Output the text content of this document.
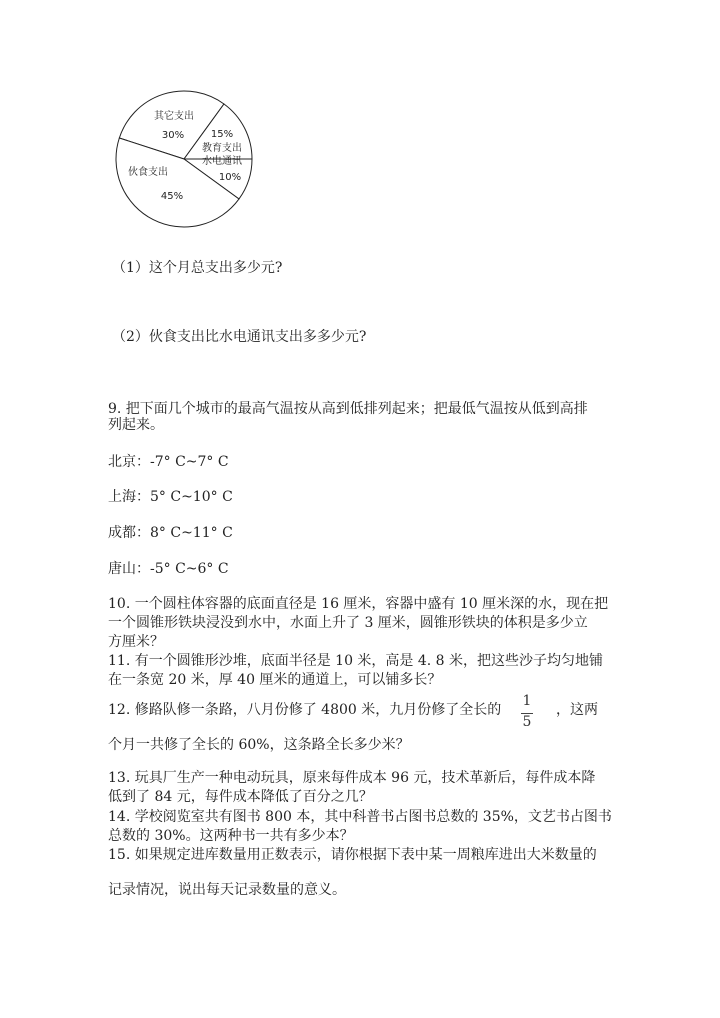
其它支出
30%	15%
教育支出
水电通讯
10%
伙食支出
45%
（1）这个月总支出多少元?
（2）伙食支出比水电通讯支出多多少元?
9. 把下面几个城市的最高气温按从高到低排列起来；把最低气温按从低到高排
列起来。
北京：-7° C~7° C
上海：5° C~10° C
成都：8° C~11° C
唐山：-5° C~6° C
10. 一个圆柱体容器的底面直径是 16 厘米，容器中盛有 10 厘米深的水，现在把
一个圆锥形铁块浸没到水中，水面上升了 3 厘米，圆锥形铁块的体积是多少立
方厘米？
11. 有一个圆锥形沙堆，底面半径是 10 米，高是 4. 8 米，把这些沙子均匀地铺
在一条宽 20 米，厚 40 厘米的通道上，可以铺多长？
12. 修路队修一条路，八月份修了 4800 米，九月份修了全长的
1
5
，这两
个月一共修了全长的 60%，这条路全长多少米？
13. 玩具厂生产一种电动玩具，原来每件成本 96 元，技术革新后，每件成本降
低到了 84 元，每件成本降低了百分之几？
14. 学校阅览室共有图书 800 本，其中科普书占图书总数的 35%，文艺书占图书
总数的 30%。这两种书一共有多少本？
15. 如果规定进库数量用正数表示，请你根据下表中某一周粮库进出大米数量的
记录情况，说出每天记录数量的意义。
